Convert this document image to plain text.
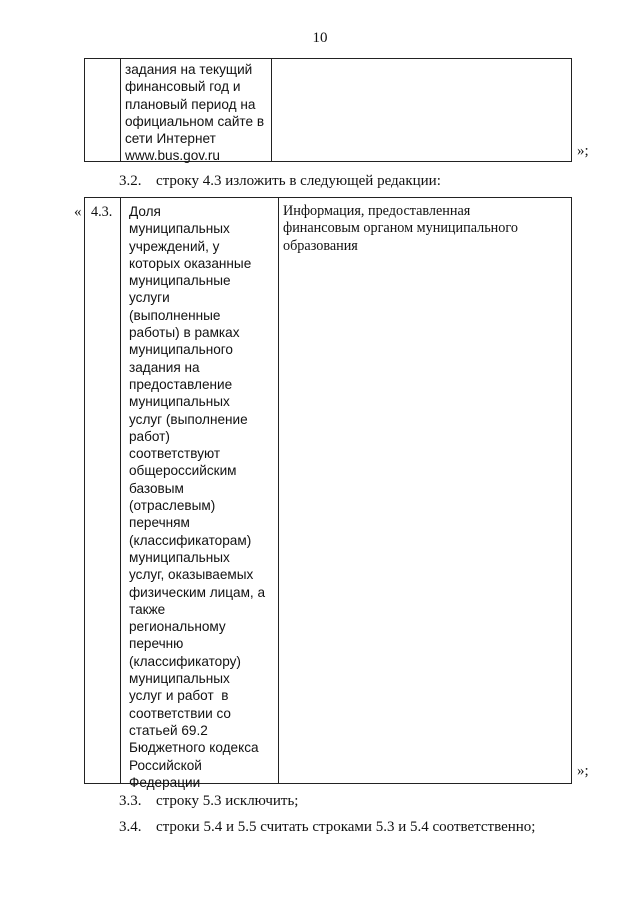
10
задания на текущий
финансовый год и
плановый период на
официальном сайте в
сети Интернет
www.bus.gov.ru	»;
3.2. строку 4.3 изложить в следующей редакции:
« 4.3. Доля
муниципальных
учреждений, у
которых оказанные
муниципальные
услуги
(выполненные
работы) в рамках
муниципального
задания на
предоставление
муниципальных
услуг (выполнение
работ)
соответствуют
общероссийским
базовым
(отраслевым)
перечням
(классификаторам)
муниципальных
услуг, оказываемых
физическим лицам, а
также
региональному
перечню
(классификатору)
муниципальных
услуг и работ  в
соответствии со
статьей 69.2
Бюджетного кодекса
Российской
Федерации
Информация, предоставленная
финансовым органом муниципального
образования
»;
3.3. строку 5.3 исключить;
3.4. строки 5.4 и 5.5 считать строками 5.3 и 5.4 соответственно;
